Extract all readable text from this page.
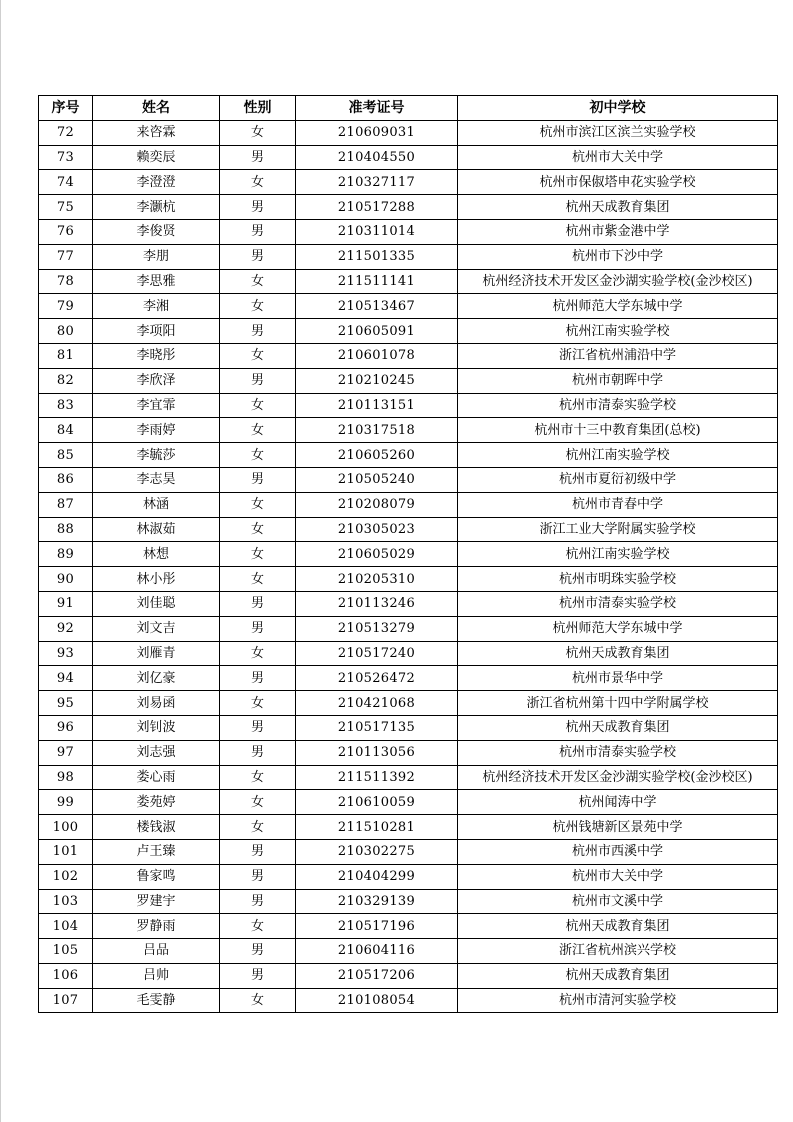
序号	姓名	性别	准考证号	初中学校
72	来咨霖	女	210609031	杭州市滨江区滨兰实验学校
73	赖奕辰	男	210404550	杭州市大关中学
74	李澄澄	女	210327117	杭州市保俶塔申花实验学校
75	李灏杭	男	210517288	杭州天成教育集团
76	李俊贤	男	210311014	杭州市紫金港中学
77	李朋	男	211501335	杭州市下沙中学
78	李思雅	女	211511141	杭州经济技术开发区金沙湖实验学校(金沙校区)
79	李湘	女	210513467	杭州师范大学东城中学
80	李项阳	男	210605091	杭州江南实验学校
81	李晓彤	女	210601078	浙江省杭州浦沿中学
82	李欣泽	男	210210245	杭州市朝晖中学
83	李宜霏	女	210113151	杭州市清泰实验学校
84	李雨婷	女	210317518	杭州市十三中教育集团(总校)
85	李毓莎	女	210605260	杭州江南实验学校
86	李志昊	男	210505240	杭州市夏衍初级中学
87	林涵	女	210208079	杭州市青春中学
88	林淑茹	女	210305023	浙江工业大学附属实验学校
89	林想	女	210605029	杭州江南实验学校
90	林小彤	女	210205310	杭州市明珠实验学校
91	刘佳聪	男	210113246	杭州市清泰实验学校
92	刘文吉	男	210513279	杭州师范大学东城中学
93	刘雁青	女	210517240	杭州天成教育集团
94	刘亿豪	男	210526472	杭州市景华中学
95	刘易函	女	210421068	浙江省杭州第十四中学附属学校
96	刘钊波	男	210517135	杭州天成教育集团
97	刘志强	男	210113056	杭州市清泰实验学校
98	娄心雨	女	211511392	杭州经济技术开发区金沙湖实验学校(金沙校区)
99	娄苑婷	女	210610059	杭州闻涛中学
100	楼钱淑	女	211510281	杭州钱塘新区景苑中学
101	卢王臻	男	210302275	杭州市西溪中学
102	鲁家鸣	男	210404299	杭州市大关中学
103	罗建宇	男	210329139	杭州市文溪中学
104	罗静雨	女	210517196	杭州天成教育集团
105	吕品	男	210604116	浙江省杭州滨兴学校
106	吕帅	男	210517206	杭州天成教育集团
107	毛雯静	女	210108054	杭州市清河实验学校
